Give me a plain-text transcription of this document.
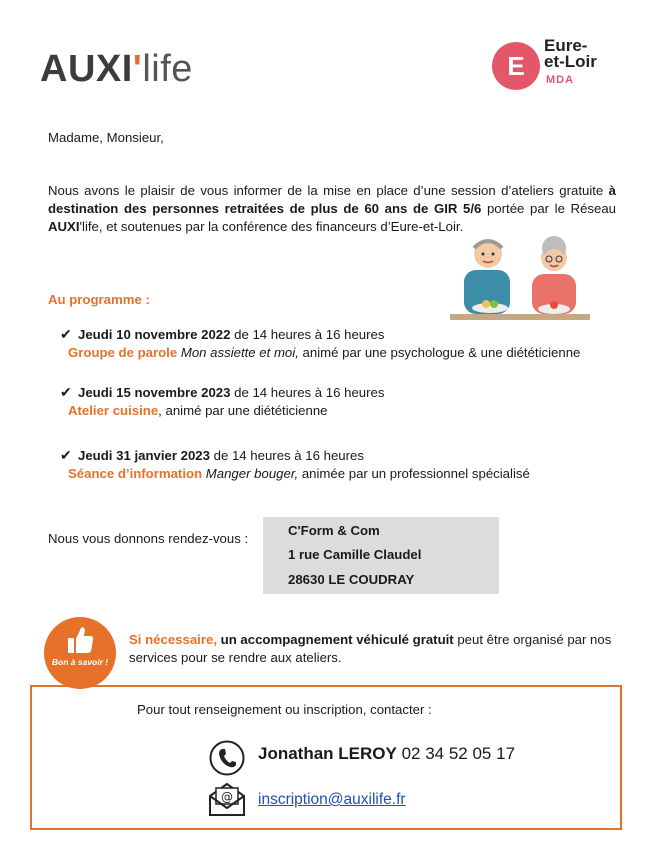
AUXI'life	E
Eure-
et-Loir
MDA
Madame, Monsieur,
Nous avons le plaisir de vous informer de la mise en place d’une session d’ateliers gratuite à destination des personnes retraitées de plus de 60 ans de GIR 5/6 portée par le Réseau AUXI'life, et soutenues par la conférence des financeurs d’Eure-et-Loir.
Au programme :
✔ Jeudi 10 novembre 2022 de 14 heures à 16 heures
Groupe de parole Mon assiette et moi, animé par une psychologue & une diététicienne
✔ Jeudi 15 novembre 2023 de 14 heures à 16 heures
Atelier cuisine, animé par une diététicienne
✔ Jeudi 31 janvier 2023 de 14 heures à 16 heures
Séance d’information Manger bouger, animée par un professionnel spécialisé
Nous vous donnons rendez-vous :
C'Form & Com
1 rue Camille Claudel
28630 LE COUDRAY
Bon à savoir !
Si nécessaire, un accompagnement véhiculé gratuit peut être organisé par nos services pour se rendre aux ateliers.
Pour tout renseignement ou inscription, contacter :
Jonathan LEROY 02 34 52 05 17
@ inscription@auxilife.fr
